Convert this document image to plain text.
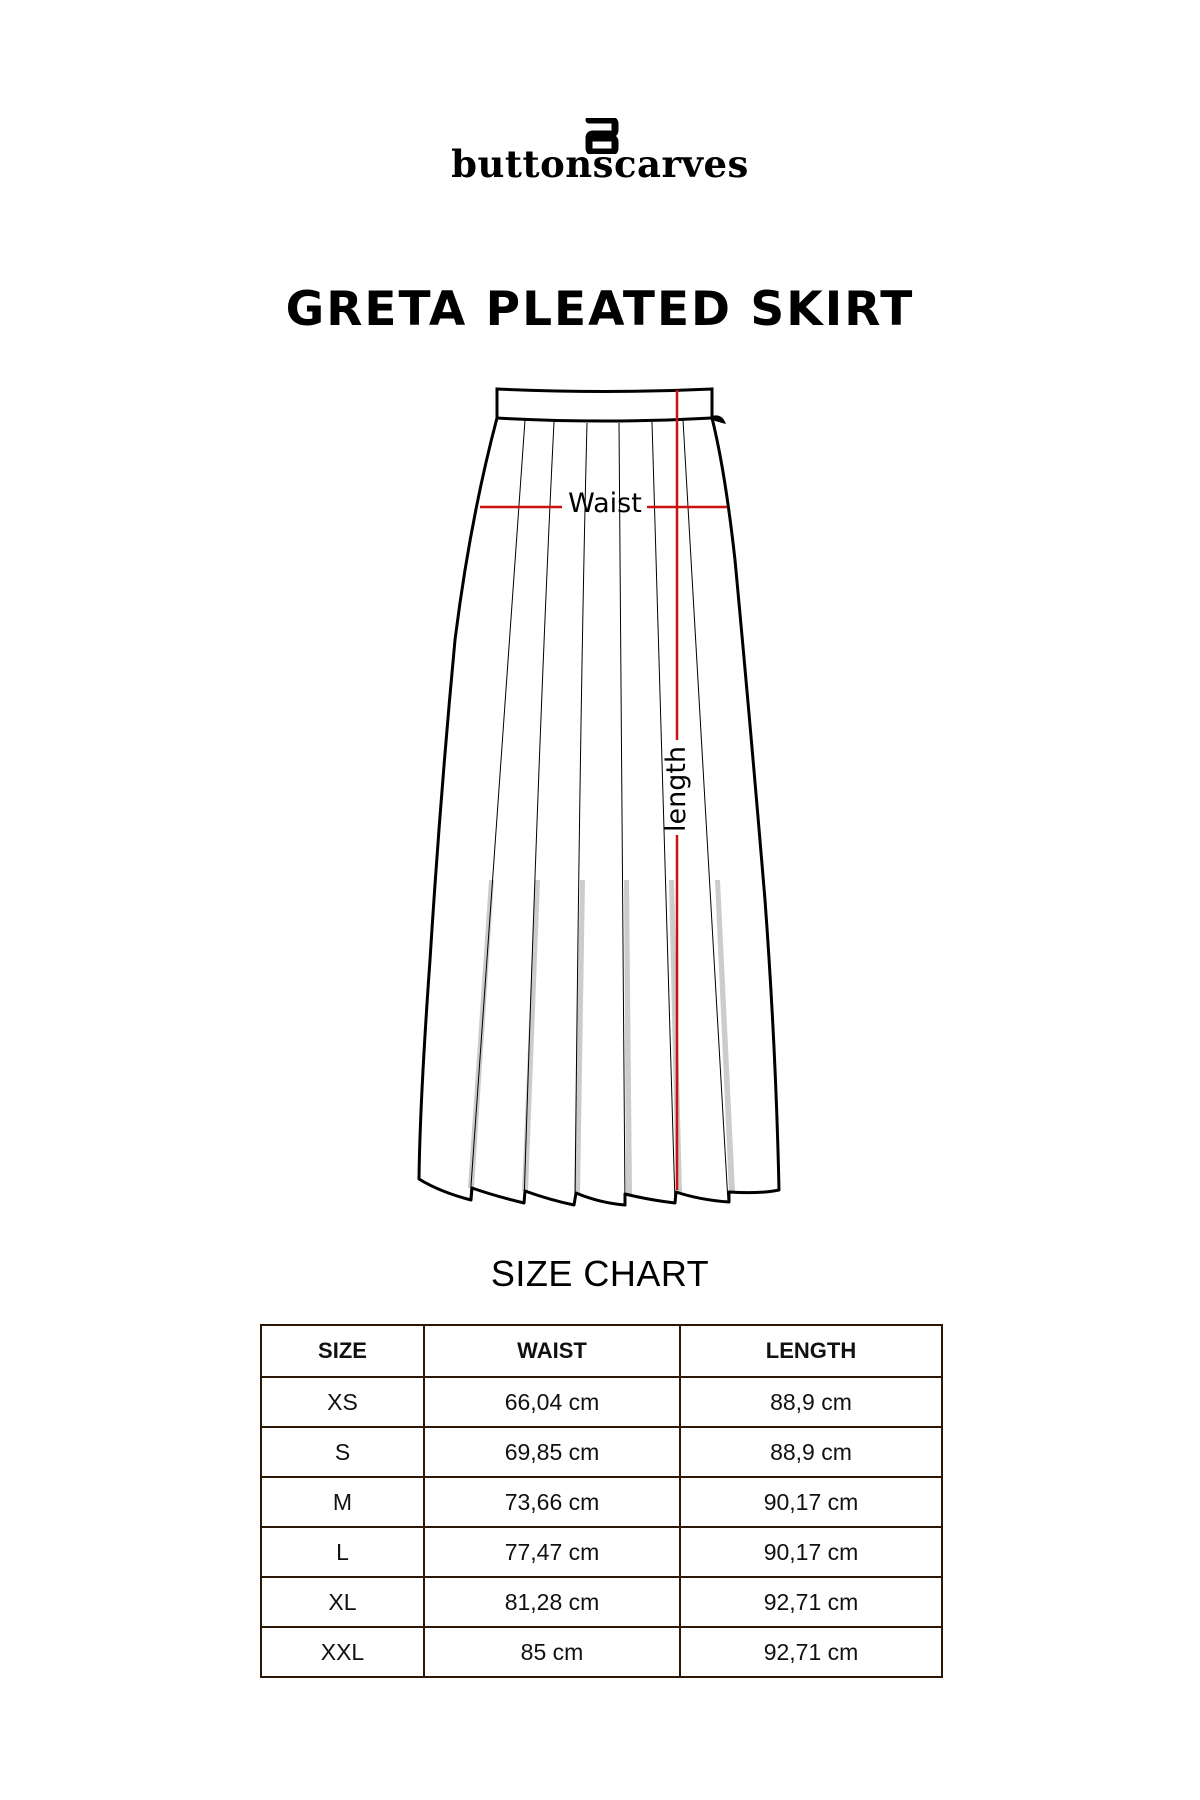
buttonscarves
GRETA PLEATED SKIRT
Waist
length
SIZE CHART
SIZE	WAIST	LENGTH
XS	66,04 cm	88,9 cm
S	69,85 cm	88,9 cm
M	73,66 cm	90,17 cm
L	77,47 cm	90,17 cm
XL	81,28 cm	92,71 cm
XXL	85 cm	92,71 cm
